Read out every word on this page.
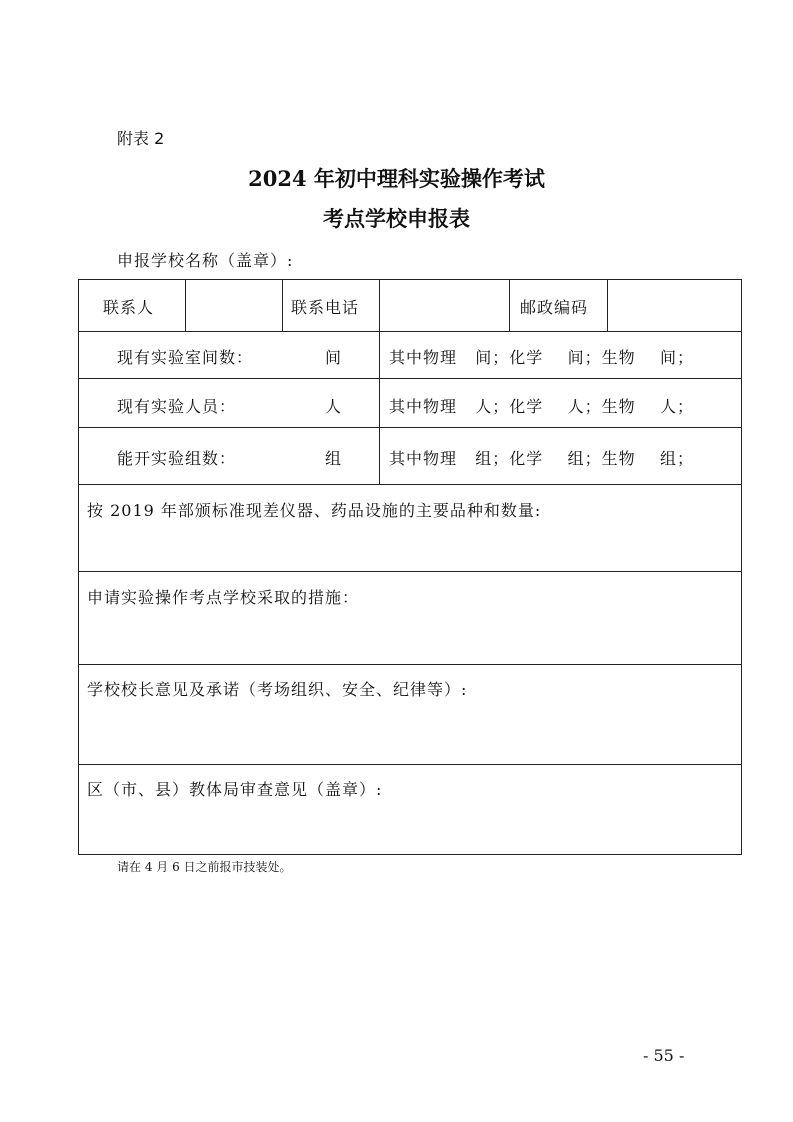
附表 2
2024 年初中理科实验操作考试
考点学校申报表
申报学校名称（盖章）:
联系人	联系电话	邮政编码
现有实验室间数：	间	其中物理   间；化学    间；生物    间；
现有实验人员：	人	其中物理   人；化学    人；生物    人；
能开实验组数：	组	其中物理   组；化学    组；生物    组；
按 2019 年部颁标准现差仪器、药品设施的主要品种和数量:
申请实验操作考点学校采取的措施：
学校校长意见及承诺（考场组织、安全、纪律等）:
区（市、县）教体局审查意见（盖章）:
请在 4 月 6 日之前报市技装处。
- 55 -
